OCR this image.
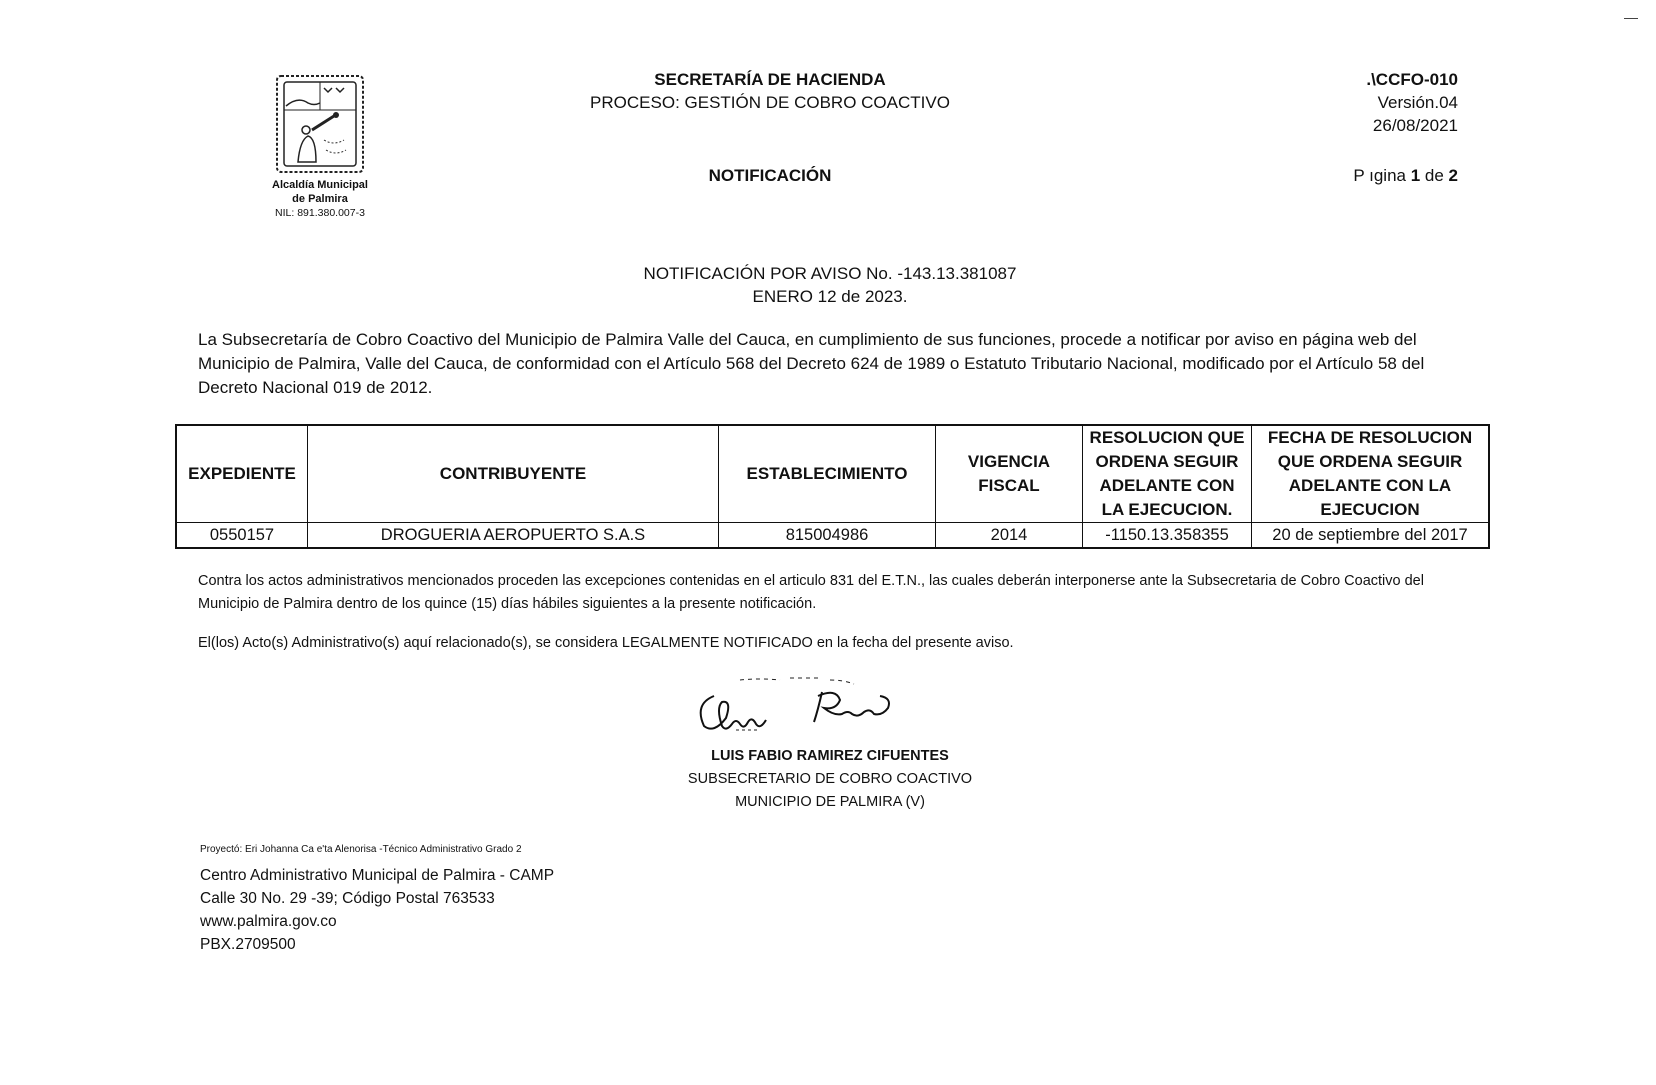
Alcaldía Municipal
de Palmira
NIL: 891.380.007-3
SECRETARÍA DE HACIENDA
PROCESO: GESTIÓN DE COBRO COACTIVO
NOTIFICACIÓN
.\CCFO-010
Versión.04
26/08/2021
P ıgina 1 de 2
NOTIFICACIÓN POR AVISO No. -143.13.381087
ENERO 12 de 2023.
La Subsecretaría de Cobro Coactivo del Municipio de Palmira Valle del Cauca, en cumplimiento de sus funciones, procede a notificar por aviso en página web del Municipio de Palmira, Valle del Cauca, de conformidad con el Artículo 568 del Decreto 624 de 1989 o Estatuto Tributario Nacional, modificado por el Artículo 58 del Decreto Nacional 019 de 2012.
EXPEDIENTE	CONTRIBUYENTE	ESTABLECIMIENTO	VIGENCIA FISCAL	RESOLUCION QUE ORDENA SEGUIR ADELANTE CON LA EJECUCION.	FECHA DE RESOLUCION QUE ORDENA SEGUIR ADELANTE CON LA EJECUCION
0550157	DROGUERIA AEROPUERTO S.A.S	815004986	2014	-1150.13.358355	20 de septiembre del 2017
Contra los actos administrativos mencionados proceden las excepciones contenidas en el articulo 831 del E.T.N., las cuales deberán interponerse ante la Subsecretaria de Cobro Coactivo del Municipio de Palmira dentro de los quince (15) días hábiles siguientes a la presente notificación.
El(los) Acto(s) Administrativo(s) aquí relacionado(s), se considera LEGALMENTE NOTIFICADO en la fecha del presente aviso.
LUIS FABIO RAMIREZ CIFUENTES
SUBSECRETARIO DE COBRO COACTIVO
MUNICIPIO DE PALMIRA (V)
Proyectó: Eri Johanna Ca e'ta Alenorisa -Técnico Administrativo Grado 2
Centro Administrativo Municipal de Palmira - CAMP
Calle 30 No. 29 -39; Código Postal 763533
www.palmira.gov.co
PBX.2709500
